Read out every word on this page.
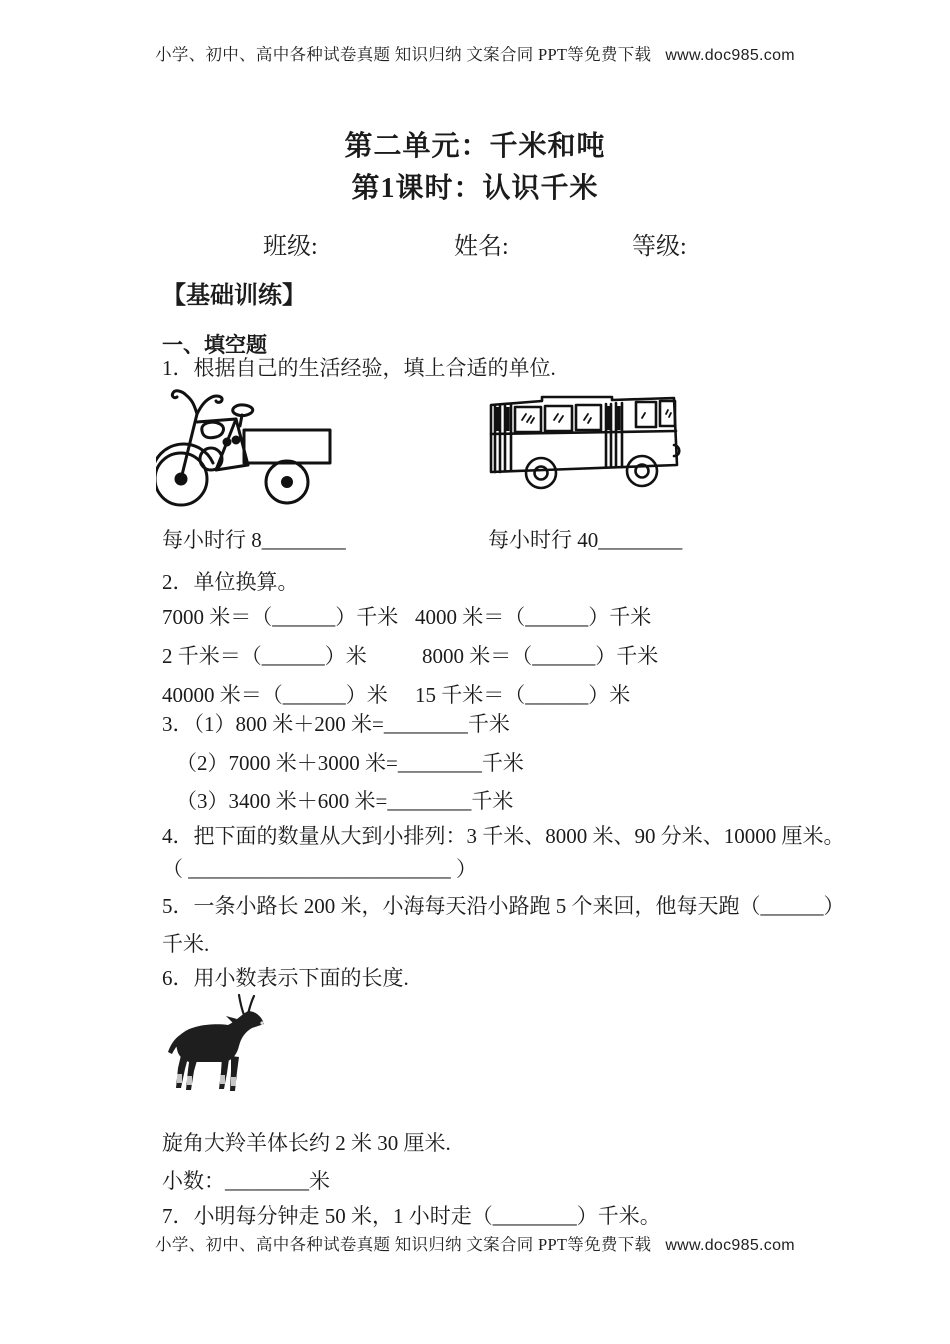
小学、初中、高中各种试卷真题 知识归纳 文案合同 PPT等免费下载 www.doc985.com
第二单元：千米和吨
第1课时：认识千米
班级:	姓名:	等级:
【基础训练】
一、填空题
1．根据自己的生活经验，填上合适的单位.
每小时行 8________	每小时行 40________
2．单位换算。
7000 米＝（______）千米 4000 米＝（______）千米
2 千米＝（______）米	8000 米＝（______）千米
40000 米＝（______）米 15 千米＝（______）米
3．（1）800 米＋200 米=________千米
（2）7000 米＋3000 米=________千米
（3）3400 米＋600 米=________千米
4．把下面的数量从大到小排列：3 千米、8000 米、90 分米、10000 厘米。
（ _________________________ ）
5．一条小路长 200 米，小海每天沿小路跑 5 个来回，他每天跑（______）
千米.
6．用小数表示下面的长度.
旋角大羚羊体长约 2 米 30 厘米.
小数：________米
7．小明每分钟走 50 米，1 小时走（________）千米。
小学、初中、高中各种试卷真题 知识归纳 文案合同 PPT等免费下载 www.doc985.com
